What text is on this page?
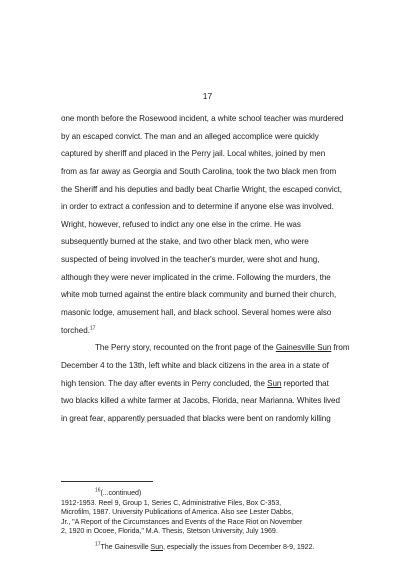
17
one month before the Rosewood incident, a white school teacher was murdered
by an escaped convict. The man and an alleged accomplice were quickly
captured by sheriff and placed in the Perry jail. Local whites, joined by men
from as far away as Georgia and South Carolina, took the two black men from
the Sheriff and his deputies and badly beat Charlie Wright, the escaped convict,
in order to extract a confession and to determine if anyone else was involved.
Wright, however, refused to indict any one else in the crime. He was
subsequently burned at the stake, and two other black men, who were
suspected of being involved in the teacher's murder, were shot and hung,
although they were never implicated in the crime. Following the murders, the
white mob turned against the entire black community and burned their church,
masonic lodge, amusement hall, and black school. Several homes were also
torched.$^{17}$
The Perry story, recounted on the front page of the Gainesville Sun from
December 4 to the 13th, left white and black citizens in the area in a state of
high tension. The day after events in Perry concluded, the Sun reported that
two blacks killed a white farmer at Jacobs, Florida, near Marianna. Whites lived
in great fear, apparently persuaded that blacks were bent on randomly killing
$^{16}$(...continued)
1912-1953. Reel 9, Group 1, Series C, Administrative Files, Box C-353,
Microfilm, 1987. University Publications of America. Also see Lester Dabbs,
Jr., "A Report of the Circumstances and Events of the Race Riot on November
2, 1920 in Ocoee, Florida," M.A. Thesis, Stetson University, July 1969.
$^{17}$The Gainesville Sun, especially the issues from December 8-9, 1922.
